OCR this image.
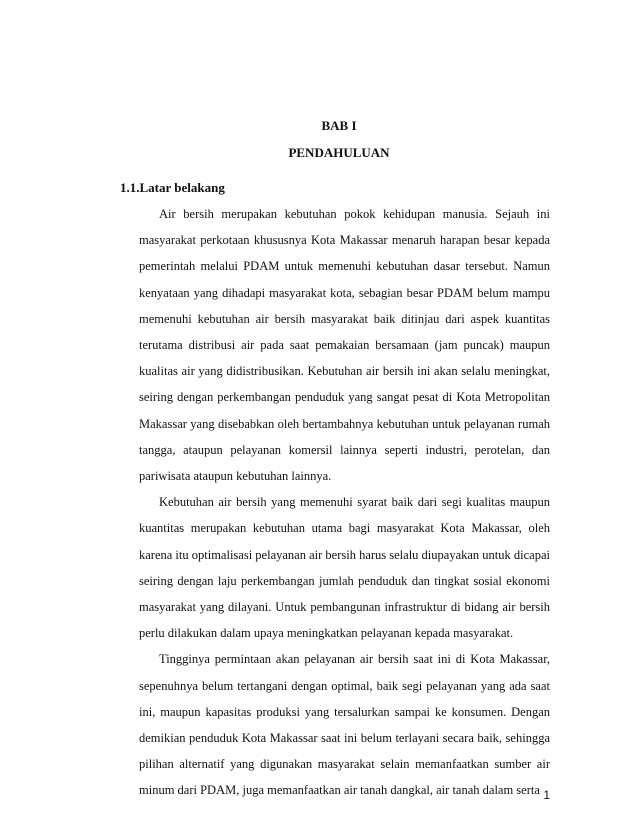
BAB I
PENDAHULUAN
1.1.Latar belakang

Air bersih merupakan kebutuhan pokok kehidupan manusia. Sejauh ini masyarakat perkotaan khususnya Kota Makassar menaruh harapan besar kepada pemerintah melalui PDAM untuk memenuhi kebutuhan dasar tersebut. Namun kenyataan yang dihadapi masyarakat kota, sebagian besar PDAM belum mampu memenuhi kebutuhan air bersih masyarakat baik ditinjau dari aspek kuantitas terutama distribusi air pada saat pemakaian bersamaan (jam puncak) maupun kualitas air yang didistribusikan. Kebutuhan air bersih ini akan selalu meningkat, seiring dengan perkembangan penduduk yang sangat pesat di Kota Metropolitan Makassar yang disebabkan oleh bertambahnya kebutuhan untuk pelayanan rumah tangga, ataupun pelayanan komersil lainnya seperti industri, perotelan, dan pariwisata ataupun kebutuhan lainnya.

Kebutuhan air bersih yang memenuhi syarat baik dari segi kualitas maupun kuantitas merupakan kebutuhan utama bagi masyarakat Kota Makassar, oleh karena itu optimalisasi pelayanan air bersih harus selalu diupayakan untuk dicapai seiring dengan laju perkembangan jumlah penduduk dan tingkat sosial ekonomi masyarakat yang dilayani. Untuk pembangunan infrastruktur di bidang air bersih perlu dilakukan dalam upaya meningkatkan pelayanan kepada masyarakat.

Tingginya permintaan akan pelayanan air bersih saat ini di Kota Makassar, sepenuhnya belum tertangani dengan optimal, baik segi pelayanan yang ada saat ini, maupun kapasitas produksi yang tersalurkan sampai ke konsumen. Dengan demikian penduduk Kota Makassar saat ini belum terlayani secara baik, sehingga pilihan alternatif yang digunakan masyarakat selain memanfaatkan sumber air minum dari PDAM, juga memanfaatkan air tanah dangkal, air tanah dalam serta 1
